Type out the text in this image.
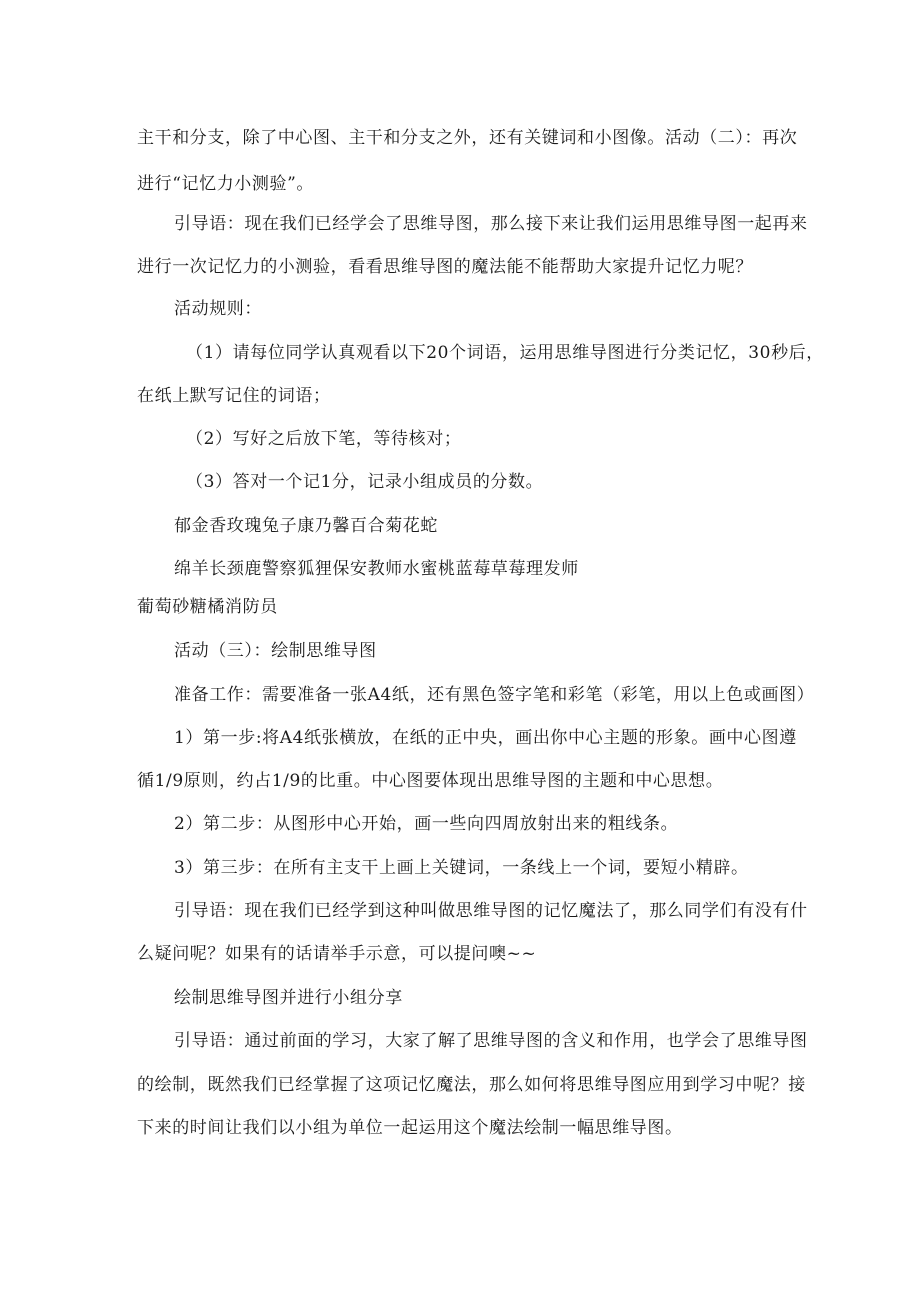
主干和分支，除了中心图、主干和分支之外，还有关键词和小图像。活动（二）：再次
进行“记忆力小测验”。
引导语：现在我们已经学会了思维导图，那么接下来让我们运用思维导图一起再来
进行一次记忆力的小测验，看看思维导图的魔法能不能帮助大家提升记忆力呢？
活动规则：
（1）请每位同学认真观看以下20个词语，运用思维导图进行分类记忆，30秒后，
在纸上默写记住的词语；
（2）写好之后放下笔，等待核对；
（3）答对一个记1分，记录小组成员的分数。
郁金香玫瑰兔子康乃馨百合菊花蛇
绵羊长颈鹿警察狐狸保安教师水蜜桃蓝莓草莓理发师
葡萄砂糖橘消防员
活动（三）：绘制思维导图
准备工作：需要准备一张A4纸，还有黑色签字笔和彩笔（彩笔，用以上色或画图）
1）第一步:将A4纸张横放，在纸的正中央，画出你中心主题的形象。画中心图遵
循1/9原则，约占1/9的比重。中心图要体现出思维导图的主题和中心思想。
2）第二步：从图形中心开始，画一些向四周放射出来的粗线条。
3）第三步：在所有主支干上画上关键词，一条线上一个词，要短小精辟。
引导语：现在我们已经学到这种叫做思维导图的记忆魔法了，那么同学们有没有什
么疑问呢？如果有的话请举手示意，可以提问噢~~
绘制思维导图并进行小组分享
引导语：通过前面的学习，大家了解了思维导图的含义和作用，也学会了思维导图
的绘制，既然我们已经掌握了这项记忆魔法，那么如何将思维导图应用到学习中呢？接
下来的时间让我们以小组为单位一起运用这个魔法绘制一幅思维导图。
